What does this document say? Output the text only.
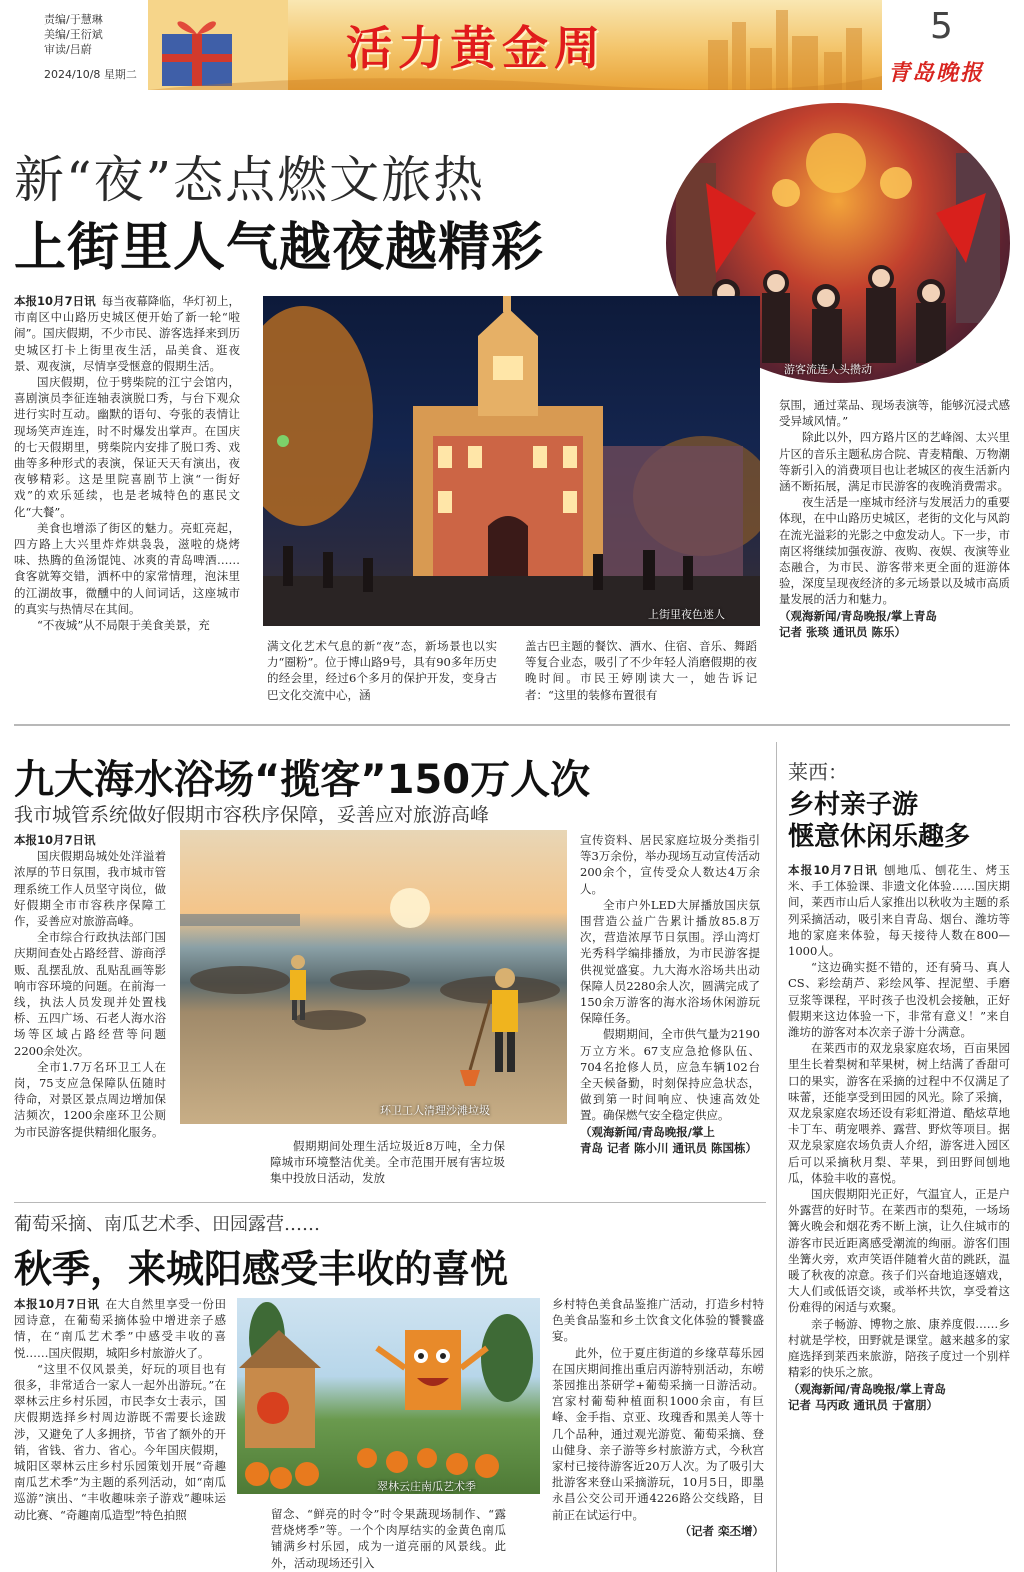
责编/于慧琳
美编/王衍斌
审读/吕蔚
2024/10/8 星期二	活力黄金周	5
青岛晚报
新“夜”态点燃文旅热
上街里人气越夜越精彩
游客流连人头攒动
上街里夜色迷人

本报10月7日讯 每当夜幕降临，华灯初上，市南区中山路历史城区便开始了新一轮“啦闹”。国庆假期，不少市民、游客选择来到历史城区打卡上街里夜生活，品美食、逛夜景、观夜演，尽情享受惬意的假期生活。

国庆假期，位于劈柴院的江宁会馆内，喜剧演员李征连轴表演脱口秀，与台下观众进行实时互动。幽默的语句、夸张的表情让现场笑声连连，时不时爆发出掌声。在国庆的七天假期里，劈柴院内安排了脱口秀、戏曲等多种形式的表演，保证天天有演出，夜夜够精彩。这是里院喜剧节上演“一街好戏”的欢乐延续，也是老城特色的惠民文化“大餐”。

美食也增添了街区的魅力。亮虹亮起，四方路上大兴里炸炸烘袅袅，滋啦的烧烤味、热腾的鱼汤馄饨、冰爽的青岛啤酒……食客就筹交错，洒杯中的家常情理，泡沫里的江湖故事，微醺中的人间词话，这座城市的真实与热情尽在其间。

“不夜城”从不局限于美食美景，充

满文化艺术气息的新“夜”态，新场景也以实力“圈粉”。位于博山路9号，具有90多年历史的经会里，经过6个多月的保护开发，变身古巴文化交流中心，涵

盖古巴主题的餐饮、酒水、住宿、音乐、舞蹈等复合业态，吸引了不少年轻人消磨假期的夜晚时间。市民王婷刚读大一，她告诉记者：“这里的装修布置很有

氛围，通过菜品、现场表演等，能够沉浸式感受异域风情。”

除此以外，四方路片区的艺峰阁、太兴里片区的音乐主题私房合院、青麦精酿、万物潮等新引入的消费项目也让老城区的夜生活新内涵不断拓展，满足市民游客的夜晚消费需求。

夜生活是一座城市经济与发展活力的重要体现，在中山路历史城区，老街的文化与风韵在流光溢彩的光影之中愈发动人。下一步，市南区将继续加强夜游、夜购、夜娱、夜演等业态融合，为市民、游客带来更全面的逛游体验，深度呈现夜经济的多元场景以及城市高质量发展的活力和魅力。

（观海新闻/青岛晚报/掌上青岛

记者 张琰 通讯员 陈乐）

九大海水浴场“揽客”150万人次
我市城管系统做好假期市容秩序保障，妥善应对旅游高峰
环卫工人清理沙滩垃圾

本报10月7日讯

国庆假期岛城处处洋溢着浓厚的节日氛围，我市城市管理系统工作人员坚守岗位，做好假期全市市容秩序保障工作，妥善应对旅游高峰。

全市综合行政执法部门国庆期间查处占路经营、游商浮贩、乱摆乱放、乱贴乱画等影响市容环境的问题。在前海一线，执法人员发现并处置栈桥、五四广场、石老人海水浴场等区域占路经营等问题2200余处次。

全市1.7万名环卫工人在岗，75支应急保障队伍随时待命，对景区景点周边增加保洁频次，1200余座环卫公厕为市民游客提供精细化服务。

假期期间处理生活垃圾近8万吨，全力保障城市环境整洁优美。全市范围开展有害垃圾集中投放日活动，发放

宣传资料、居民家庭垃圾分类指引等3万余份，举办现场互动宣传活动200余个，宣传受众人数达4万余人。

全市户外LED大屏播放国庆氛围营造公益广告累计播放85.8万次，营造浓厚节日氛围。浮山湾灯光秀科学编排播放，为市民游客提供视觉盛宴。九大海水浴场共出动保障人员2280余人次，圆满完成了150余万游客的海水浴场休闲游玩保障任务。

假期期间，全市供气量为2190万立方米。67支应急抢修队伍、704名抢修人员，应急车辆102台全天候备勤，时刻保持应急状态，做到第一时间响应、快速高效处置。确保燃气安全稳定供应。

（观海新闻/青岛晚报/掌上

青岛 记者 陈小川 通讯员 陈国栋）

葡萄采摘、南瓜艺术季、田园露营……
秋季，来城阳感受丰收的喜悦
翠林云庄南瓜艺术季

本报10月7日讯 在大自然里享受一份田园诗意，在葡萄采摘体验中增进亲子感情，在“南瓜艺术季”中感受丰收的喜悦……国庆假期，城阳乡村旅游火了。

“这里不仅风景美，好玩的项目也有很多，非常适合一家人一起外出游玩。”在翠林云庄乡村乐园，市民李女士表示，国庆假期选择乡村周边游既不需要长途跋涉，又避免了人多拥挤，节省了额外的开销，省钱、省力、省心。今年国庆假期，城阳区翠林云庄乡村乐园策划开展“奇趣南瓜艺术季”为主题的系列活动，如“南瓜巡游”演出、“丰收趣味亲子游戏”趣味运动比赛、“奇趣南瓜造型”特色拍照	留念、“鲜亮的时令”时令果蔬现场制作、“露营烧烤季”等。一个个肉厚结实的金黄色南瓜铺满乡村乐园，成为一道亮丽的风景线。此外，活动现场还引入

乡村特色美食品鉴推广活动，打造乡村特色美食品鉴和乡土饮食文化体验的饕餮盛宴。

此外，位于夏庄街道的乡缘草莓乐园在国庆期间推出重启丙游特别活动，东崂茶园推出茶研学+葡萄采摘一日游活动。宫家村葡萄种植面积1000余亩，有巨峰、金手指、京亚、玫瑰香和黑美人等十几个品种，通过观光游览、葡萄采摘、登山健身、亲子游等乡村旅游方式，今秋宫家村已接待游客近20万人次。为了吸引大批游客来登山采摘游玩，10月5日，即墨永昌公交公司开通4226路公交线路，目前正在试运行中。

（记者 栾丕增）

莱西：
乡村亲子游
惬意休闲乐趣多

本报10月7日讯 刨地瓜、刨花生、烤玉米、手工体验课、非遗文化体验……国庆期间，莱西市山后人家推出以秋收为主题的系列采摘活动，吸引来自青岛、烟台、潍坊等地的家庭来体验，每天接待人数在800—1000人。

“这边确实挺不错的，还有骑马、真人CS、彩绘葫芦、彩绘风筝、捏泥塑、手磨豆浆等课程，平时孩子也没机会接触，正好假期来这边体验一下，非常有意义！”来自潍坊的游客对本次亲子游十分满意。

在莱西市的双龙泉家庭农场，百亩果园里生长着梨树和苹果树，树上结满了香甜可口的果实，游客在采摘的过程中不仅满足了味蕾，还能享受到田园的风光。除了采摘，双龙泉家庭农场还设有彩虹滑道、酷炫草地卡丁车、萌宠喂养、露营、野炊等项目。据双龙泉家庭农场负责人介绍，游客进入园区后可以采摘秋月梨、苹果，到田野间刨地瓜，体验丰收的喜悦。

国庆假期阳光正好，气温宜人，正是户外露营的好时节。在莱西市的梨苑，一场场篝火晚会和烟花秀不断上演，让久住城市的游客市民近距离感受潮流的绚丽。游客们围坐篝火旁，欢声笑语伴随着火苗的跳跃，温暖了秋夜的凉意。孩子们兴奋地追逐嬉戏，大人们或低语交谈，或举杯共饮，享受着这份难得的闲适与欢聚。

亲子畅游、博物之旅、康养度假……乡村就是学校，田野就是课堂。越来越多的家庭选择到莱西来旅游，陪孩子度过一个别样精彩的快乐之旅。

（观海新闻/青岛晚报/掌上青岛

记者 马丙政 通讯员 于富朋）
